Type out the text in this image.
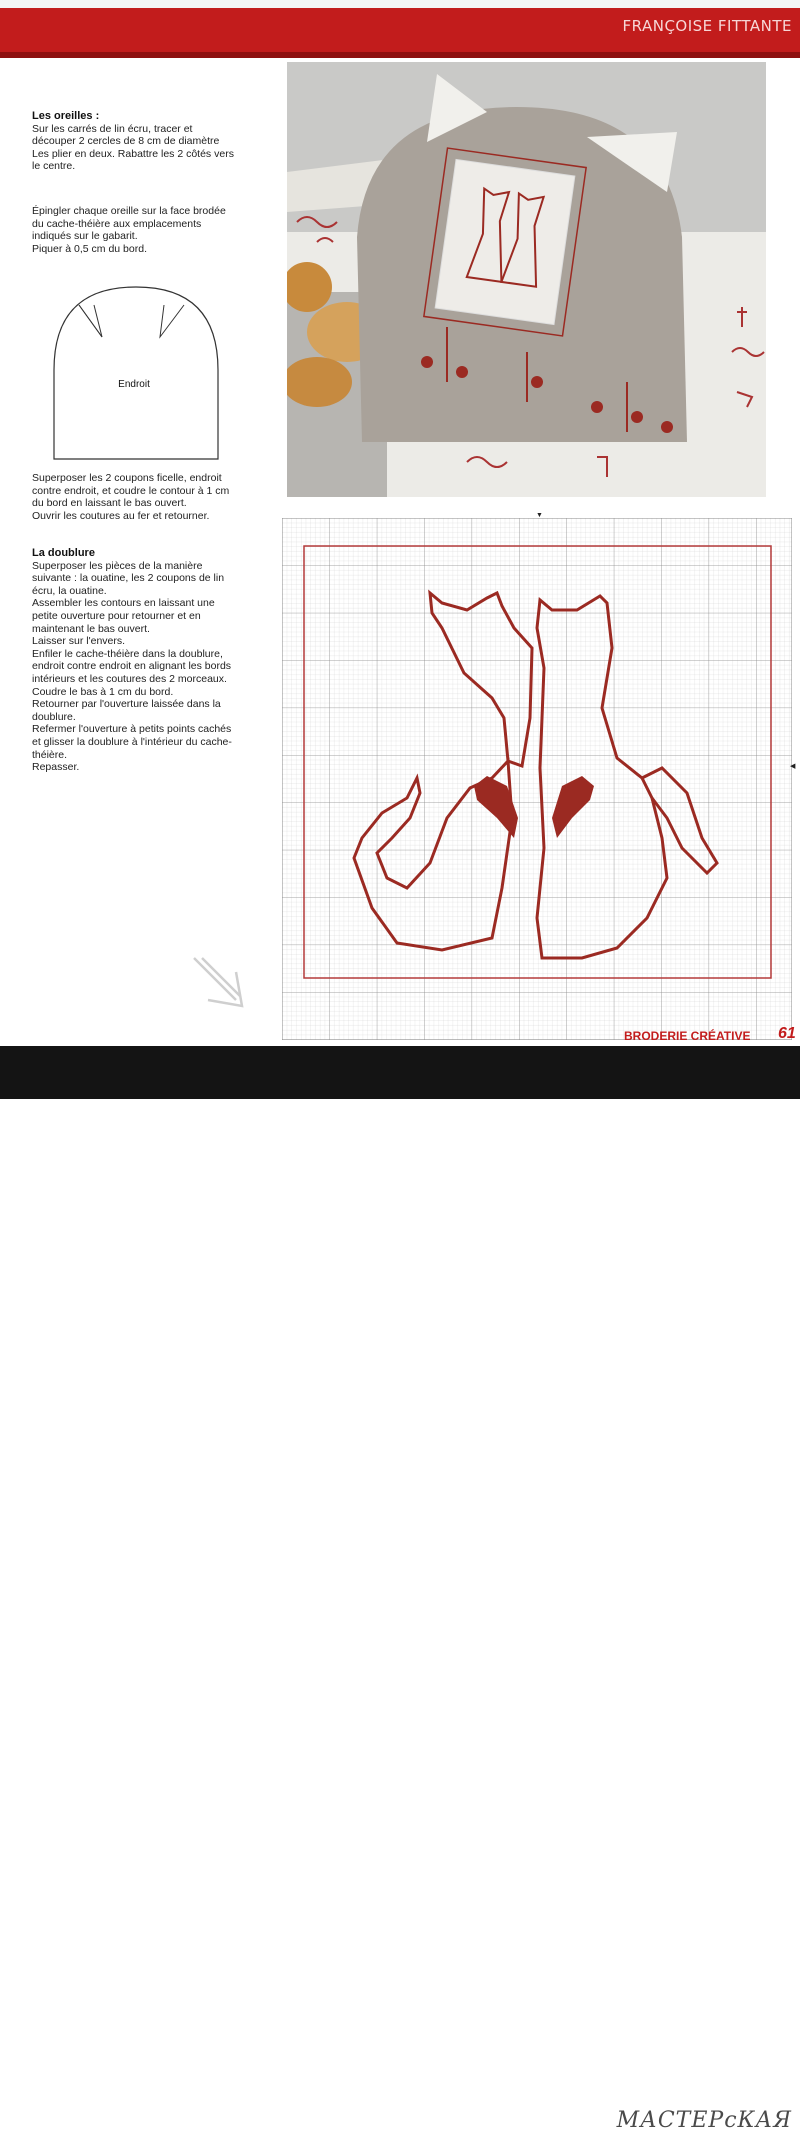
FRANÇOISE FITTANTE
Les oreilles :

Sur les carrés de lin écru, tracer et

découper 2 cercles de 8 cm de diamètre

Les plier en deux. Rabattre les 2 côtés vers

le centre.

Épingler chaque oreille sur la face brodée

du cache-théière aux emplacements

indiqués sur le gabarit.

Piquer à 0,5 cm du bord.

Endroit

Superposer les 2 coupons ficelle, endroit

contre endroit, et coudre le contour à 1 cm

du bord en laissant le bas ouvert.

Ouvrir les coutures au fer et retourner.

La doublure

Superposer les pièces de la manière

suivante : la ouatine, les 2 coupons de lin

écru, la ouatine.

Assembler les contours en laissant une

petite ouverture pour retourner et en

maintenant le bas ouvert.

Laisser sur l'envers.

Enfiler le cache-théière dans la doublure,

endroit contre endroit en alignant les bords

intérieurs et les coutures des 2 morceaux.

Coudre le bas à 1 cm du bord.

Retourner par l'ouverture laissée dans la

doublure.

Refermer l'ouverture à petits points cachés

et glisser la doublure à l'intérieur du cache-

théière.

Repasser.

▼
◀
BRODERIE CRÉATIVE 61
МАСТЕРсКАЯ
